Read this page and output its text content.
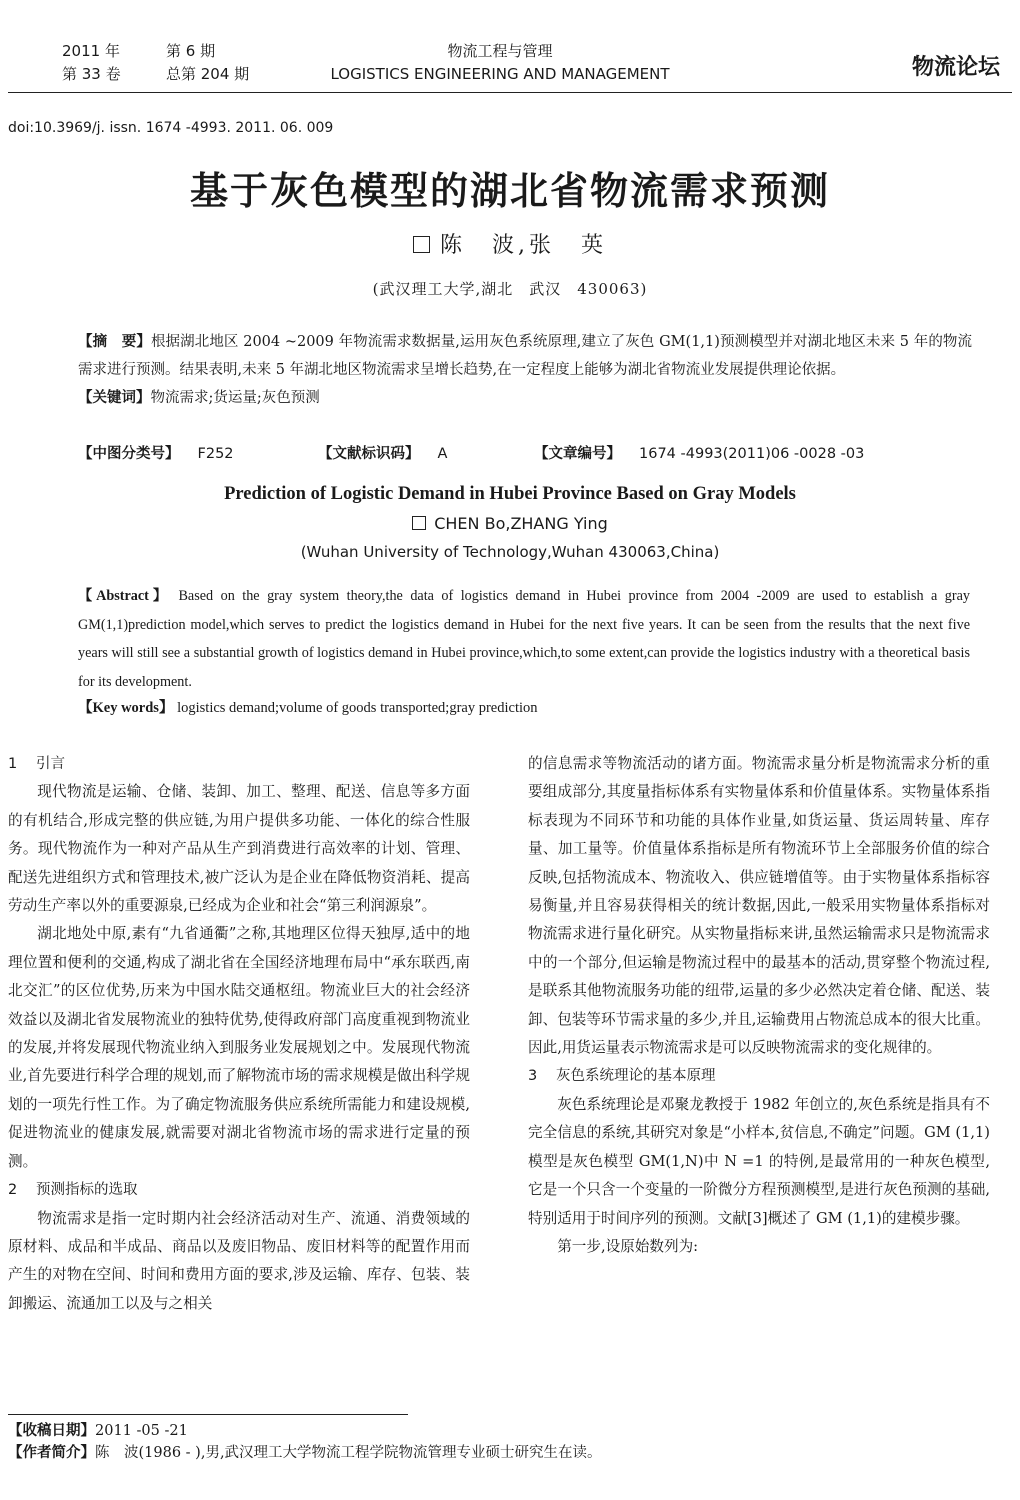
2011 年	第 6 期
第 33 卷	总第 204 期
物流工程与管理
LOGISTICS ENGINEERING AND MANAGEMENT	物流论坛
doi:10.3969/j. issn. 1674 -4993. 2011. 06. 009
基于灰色模型的湖北省物流需求预测
陈　波,张　英
(武汉理工大学,湖北　武汉　430063)
【摘　要】根据湖北地区 2004 ~2009 年物流需求数据量,运用灰色系统原理,建立了灰色 GM(1,1)预测模型并对湖北地区未来 5 年的物流需求进行预测。结果表明,未来 5 年湖北地区物流需求呈增长趋势,在一定程度上能够为湖北省物流业发展提供理论依据。
【关键词】物流需求;货运量;灰色预测
【中图分类号】 F252	【文献标识码】 A	【文章编号】 1674 -4993(2011)06 -0028 -03
Prediction of Logistic Demand in Hubei Province Based on Gray Models
CHEN Bo,ZHANG Ying
(Wuhan University of Technology,Wuhan 430063,China)
【Abstract】 Based on the gray system theory,the data of logistics demand in Hubei province from 2004 -2009 are used to establish a gray GM(1,1)prediction model,which serves to predict the logistics demand in Hubei for the next five years. It can be seen from the results that the next five years will still see a substantial growth of logistics demand in Hubei province,which,to some extent,can provide the logistics industry with a theoretical basis for its development.
【Key words】 logistics demand;volume of goods transported;gray prediction
1 引言

现代物流是运输、仓储、装卸、加工、整理、配送、信息等多方面的有机结合,形成完整的供应链,为用户提供多功能、一体化的综合性服务。现代物流作为一种对产品从生产到消费进行高效率的计划、管理、配送先进组织方式和管理技术,被广泛认为是企业在降低物资消耗、提高劳动生产率以外的重要源泉,已经成为企业和社会“第三利润源泉”。

湖北地处中原,素有“九省通衢”之称,其地理区位得天独厚,适中的地理位置和便利的交通,构成了湖北省在全国经济地理布局中“承东联西,南北交汇”的区位优势,历来为中国水陆交通枢纽。物流业巨大的社会经济效益以及湖北省发展物流业的独特优势,使得政府部门高度重视到物流业的发展,并将发展现代物流业纳入到服务业发展规划之中。发展现代物流业,首先要进行科学合理的规划,而了解物流市场的需求规模是做出科学规划的一项先行性工作。为了确定物流服务供应系统所需能力和建设规模,促进物流业的健康发展,就需要对湖北省物流市场的需求进行定量的预测。

2 预测指标的选取

物流需求是指一定时期内社会经济活动对生产、流通、消费领域的原材料、成品和半成品、商品以及废旧物品、废旧材料等的配置作用而产生的对物在空间、时间和费用方面的要求,涉及运输、库存、包装、装卸搬运、流通加工以及与之相关

的信息需求等物流活动的诸方面。物流需求量分析是物流需求分析的重要组成部分,其度量指标体系有实物量体系和价值量体系。实物量体系指标表现为不同环节和功能的具体作业量,如货运量、货运周转量、库存量、加工量等。价值量体系指标是所有物流环节上全部服务价值的综合反映,包括物流成本、物流收入、供应链增值等。由于实物量体系指标容易衡量,并且容易获得相关的统计数据,因此,一般采用实物量体系指标对物流需求进行量化研究。从实物量指标来讲,虽然运输需求只是物流需求中的一个部分,但运输是物流过程中的最基本的活动,贯穿整个物流过程,是联系其他物流服务功能的纽带,运量的多少必然决定着仓储、配送、装卸、包装等环节需求量的多少,并且,运输费用占物流总成本的很大比重。因此,用货运量表示物流需求是可以反映物流需求的变化规律的。

3 灰色系统理论的基本原理

灰色系统理论是邓聚龙教授于 1982 年创立的,灰色系统是指具有不完全信息的系统,其研究对象是“小样本,贫信息,不确定”问题。GM (1,1)模型是灰色模型 GM(1,N)中 N =1 的特例,是最常用的一种灰色模型,它是一个只含一个变量的一阶微分方程预测模型,是进行灰色预测的基础,特别适用于时间序列的预测。文献[3]概述了 GM (1,1)的建模步骤。

第一步,设原始数列为:

【收稿日期】2011 -05 -21
【作者简介】陈　波(1986 - ),男,武汉理工大学物流工程学院物流管理专业硕士研究生在读。
